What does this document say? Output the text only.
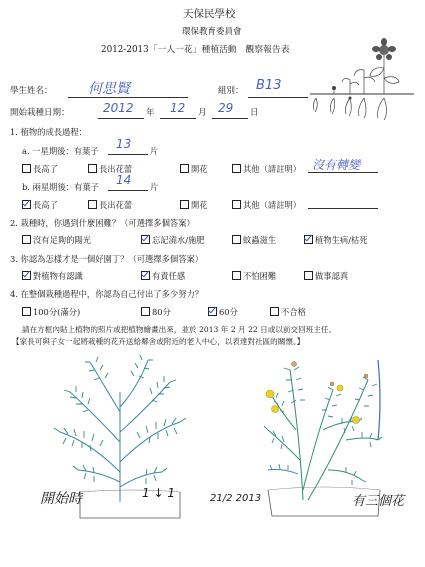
天保民學校
環保教育委員會
2012-2013「一人一花」種植活動　觀察報告表
學生姓名：	何思賢	組別： B13
開始栽種日期：	2012 年 12 月 29 日
1. 植物的成長過程：
a. 一星期後：有葉子 13 片
長高了	長出花蕾	開花	其他（請註明） 沒有轉變
b. 兩星期後：有葉子 14 片
長高了	長出花蕾	開花	其他（請註明）
2. 栽種時，你遇到什麼困難？（可選擇多個答案）
沒有足夠的陽光	忘記澆水/施肥	蚊蟲滋生	植物生病/枯死
3. 你認為怎樣才是一個好園丁？（可選擇多個答案）
對植物有認識	有責任感	不怕困難	做事認真
4. 在整個栽種過程中，你認為自己付出了多少努力？
100分(滿分)	80分	60分	不合格
請在方框內貼上植物的照片或把植物繪畫出來，並於 2013 年 2 月 22 日或以前交回班主任。
【家長可與子女一起將栽種的花卉送給鄰舍或附近的老人中心，以表達對社區的關懷。】
開始時	1 ↓ 1	21/2 2013	有三個花
